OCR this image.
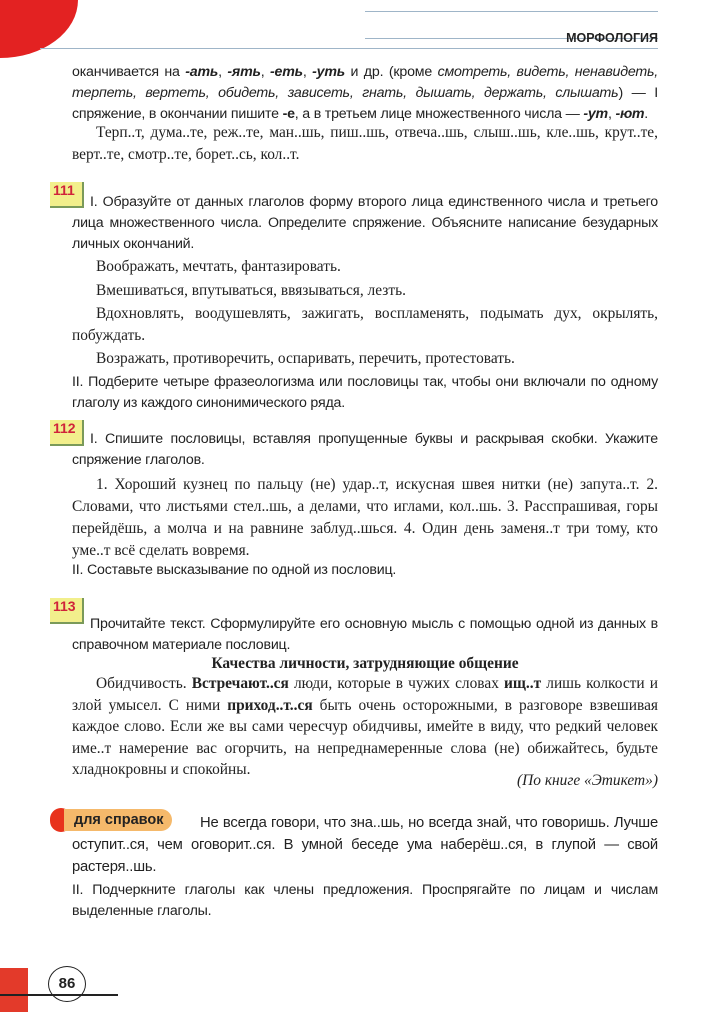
МОРФОЛОГИЯ
оканчивается на -ать, -ять, -еть, -уть и др. (кроме смотреть, видеть, ненавидеть, терпеть, вертеть, обидеть, зависеть, гнать, дышать, держать, слышать) — I спряжение, в окончании пишите -е, а в третьем лице множественного числа — -ут, -ют.
Терп..т, дума..те, реж..те, ман..шь, пиш..шь, отвеча..шь, слыш..шь, кле..шь, крут..те, верт..те, смотр..те, борет..сь, кол..т.
111
I. Образуйте от данных глаголов форму второго лица единственного числа и третьего лица множественного числа. Определите спряжение. Объясните написание безударных личных окончаний.
Воображать, мечтать, фантазировать.
Вмешиваться, впутываться, ввязываться, лезть.
Вдохновлять, воодушевлять, зажигать, воспламенять, подымать дух, окрылять, побуждать.
Возражать, противоречить, оспаривать, перечить, протестовать.
II. Подберите четыре фразеологизма или пословицы так, чтобы они включали по одному глаголу из каждого синонимического ряда.
112
I. Спишите пословицы, вставляя пропущенные буквы и раскрывая скобки. Укажите спряжение глаголов.
1. Хороший кузнец по пальцу (не) удар..т, искусная швея нитки (не) запута..т. 2. Словами, что листьями стел..шь, а делами, что иглами, кол..шь. 3. Расспрашивая, горы перейдёшь, а молча и на равнине заблуд..шься. 4. Один день заменя..т три тому, кто уме..т всё сделать вовремя.
II. Составьте высказывание по одной из пословиц.
113
Прочитайте текст. Сформулируйте его основную мысль с помощью одной из данных в справочном материале пословиц.
Качества личности, затрудняющие общение
Обидчивость. Встречают..ся люди, которые в чужих словах ищ..т лишь колкости и злой умысел. С ними приход..т..ся быть очень осторожными, в разговоре взвешивая каждое слово. Если же вы сами чересчур обидчивы, имейте в виду, что редкий человек име..т намерение вас огорчить, на непреднамеренные слова (не) обижайтесь, будьте хладнокровны и спокойны.
(По книге «Этикет»)
для справок	Не всегда говори, что зна..шь, но всегда знай, что говоришь. Лучше оступит..ся, чем оговорит..ся. В умной беседе ума наберёш..ся, в глупой — свой растеря..шь.
II. Подчеркните глаголы как члены предложения. Проспрягайте по лицам и числам выделенные глаголы.
86
